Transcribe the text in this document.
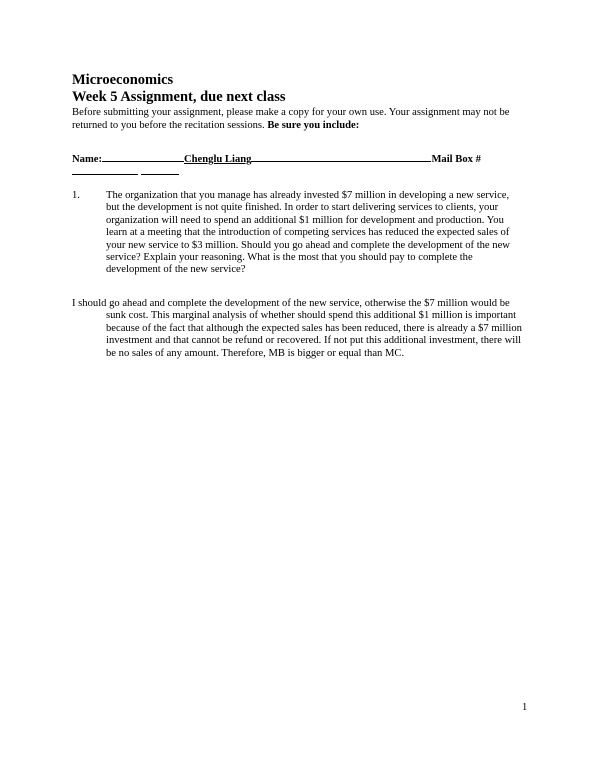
Microeconomics
Week 5 Assignment, due next class

Before submitting your assignment, please make a copy for your own use. Your assignment may not be returned to you before the recitation sessions. Be sure you include:

Name:	Chenglu Liang	Mail Box #

1. The organization that you manage has already invested $7 million in developing a new service, but the development is not quite finished. In order to start delivering services to clients, your organization will need to spend an additional $1 million for development and production. You learn at a meeting that the introduction of competing services has reduced the expected sales of your new service to $3 million. Should you go ahead and complete the development of the new service? Explain your reasoning. What is the most that you should pay to complete the development of the new service?

I should go ahead and complete the development of the new service, otherwise the $7 million would be sunk cost. This marginal analysis of whether should spend this additional $1 million is important because of the fact that although the expected sales has been reduced, there is already a $7 million investment and that cannot be refund or recovered. If not put this additional investment, there will be no sales of any amount. Therefore, MB is bigger or equal than MC.

1
